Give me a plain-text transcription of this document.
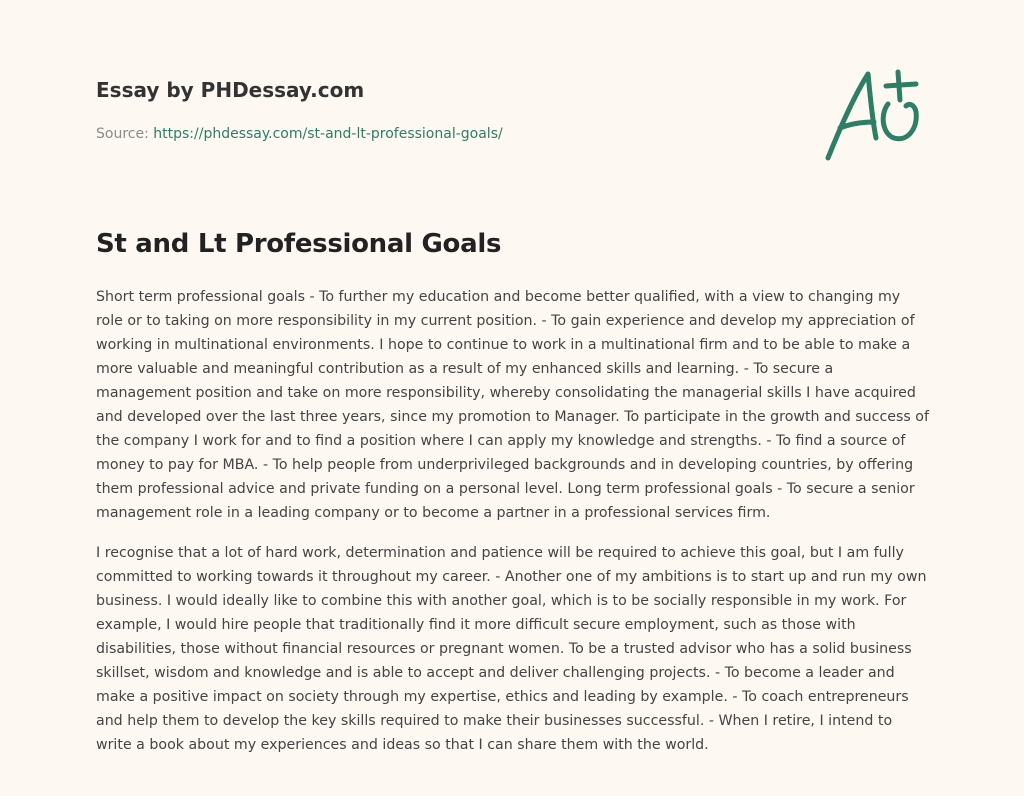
Essay by PHDessay.com
Source: https://phdessay.com/st-and-lt-professional-goals/
St and Lt Professional Goals

Short term professional goals - To further my education and become better qualified, with a view to changing my role or to taking on more responsibility in my current position. - To gain experience and develop my appreciation of working in multinational environments. I hope to continue to work in a multinational firm and to be able to make a more valuable and meaningful contribution as a result of my enhanced skills and learning. - To secure a management position and take on more responsibility, whereby consolidating the managerial skills I have acquired and developed over the last three years, since my promotion to Manager. To participate in the growth and success of the company I work for and to find a position where I can apply my knowledge and strengths. - To find a source of money to pay for MBA. - To help people from underprivileged backgrounds and in developing countries, by offering them professional advice and private funding on a personal level. Long term professional goals - To secure a senior management role in a leading company or to become a partner in a professional services firm.

I recognise that a lot of hard work, determination and patience will be required to achieve this goal, but I am fully committed to working towards it throughout my career. - Another one of my ambitions is to start up and run my own business. I would ideally like to combine this with another goal, which is to be socially responsible in my work. For example, I would hire people that traditionally find it more difficult secure employment, such as those with disabilities, those without financial resources or pregnant women. To be a trusted advisor who has a solid business skillset, wisdom and knowledge and is able to accept and deliver challenging projects. - To become a leader and make a positive impact on society through my expertise, ethics and leading by example. - To coach entrepreneurs and help them to develop the key skills required to make their businesses successful. - When I retire, I intend to write a book about my experiences and ideas so that I can share them with the world.
